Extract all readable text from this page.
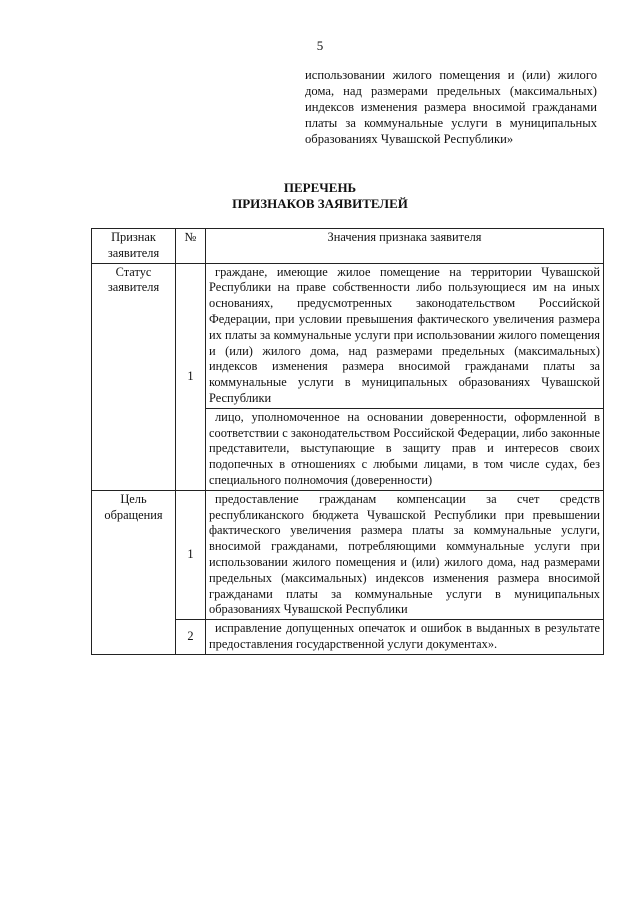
5

использовании жилого помещения и (или) жилого дома, над размерами предельных (максимальных) индексов изменения размера вносимой гражданами платы за коммунальные услуги в муниципальных образованиях Чувашской Республики»

ПЕРЕЧЕНЬ
ПРИЗНАКОВ ЗАЯВИТЕЛЕЙ
Признак заявителя	№	Значения признака заявителя
Статус заявителя	1	граждане, имеющие жилое помещение на территории Чувашской Республики на праве собственности либо пользующиеся им на иных основаниях, предусмотренных законодательством Российской Федерации, при условии превышения фактического увеличения размера их платы за коммунальные услуги при использовании жилого помещения и (или) жилого дома, над размерами предельных (максимальных) индексов изменения размера вносимой гражданами платы за коммунальные услуги в муниципальных образованиях Чувашской Республики
		лицо, уполномоченное на основании доверенности, оформленной в соответствии с законодательством Российской Федерации, либо законные представители, выступающие в защиту прав и интересов своих подопечных в отношениях с любыми лицами, в том числе судах, без специального полномочия (доверенности)
Цель обращения	1	предоставление гражданам компенсации за счет средств республиканского бюджета Чувашской Республики при превышении фактического увеличения размера платы за коммунальные услуги, вносимой гражданами, потребляющими коммунальные услуги при использовании жилого помещения и (или) жилого дома, над размерами предельных (максимальных) индексов изменения размера вносимой гражданами платы за коммунальные услуги в муниципальных образованиях Чувашской Республики
	2	исправление допущенных опечаток и ошибок в выданных в результате предоставления государственной услуги документах».
